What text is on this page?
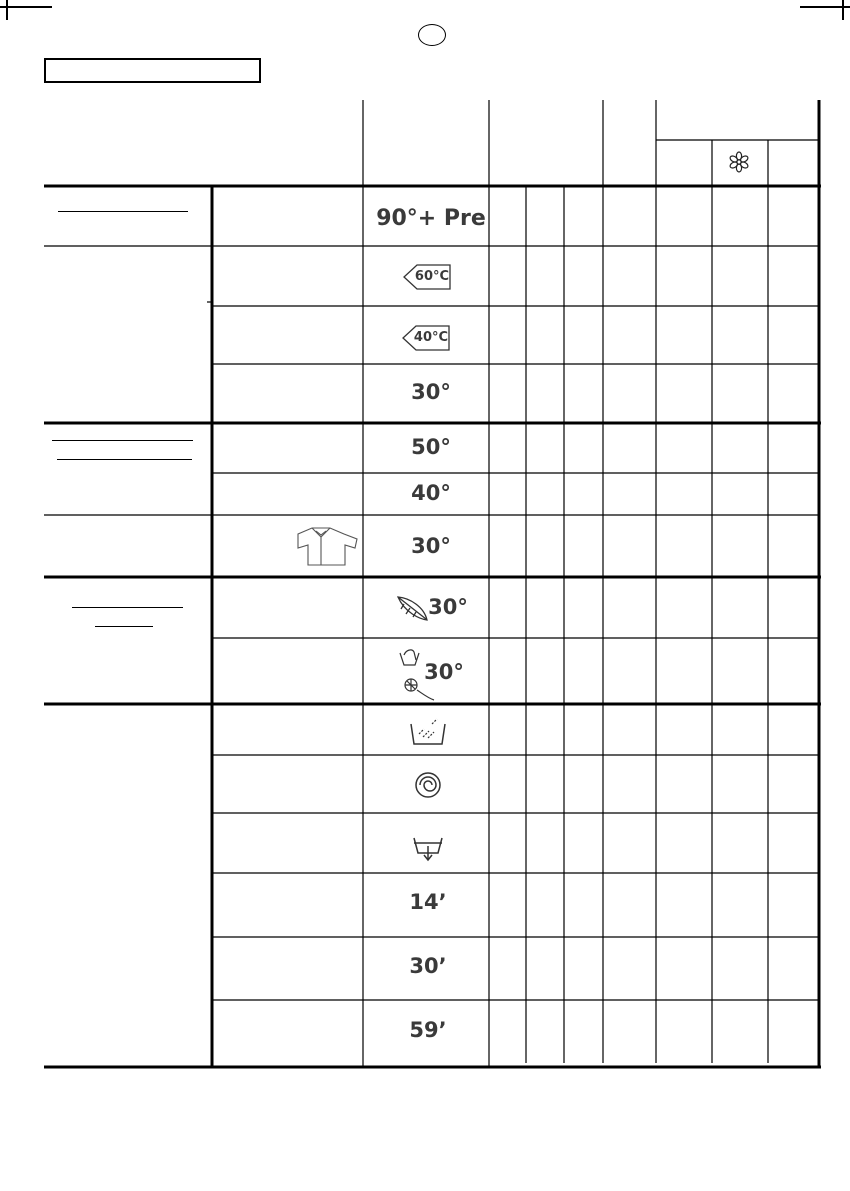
90°+ Pre
60°C
40°C
30°
50°
40°
30°
30°
30°
14’
30’
59’
